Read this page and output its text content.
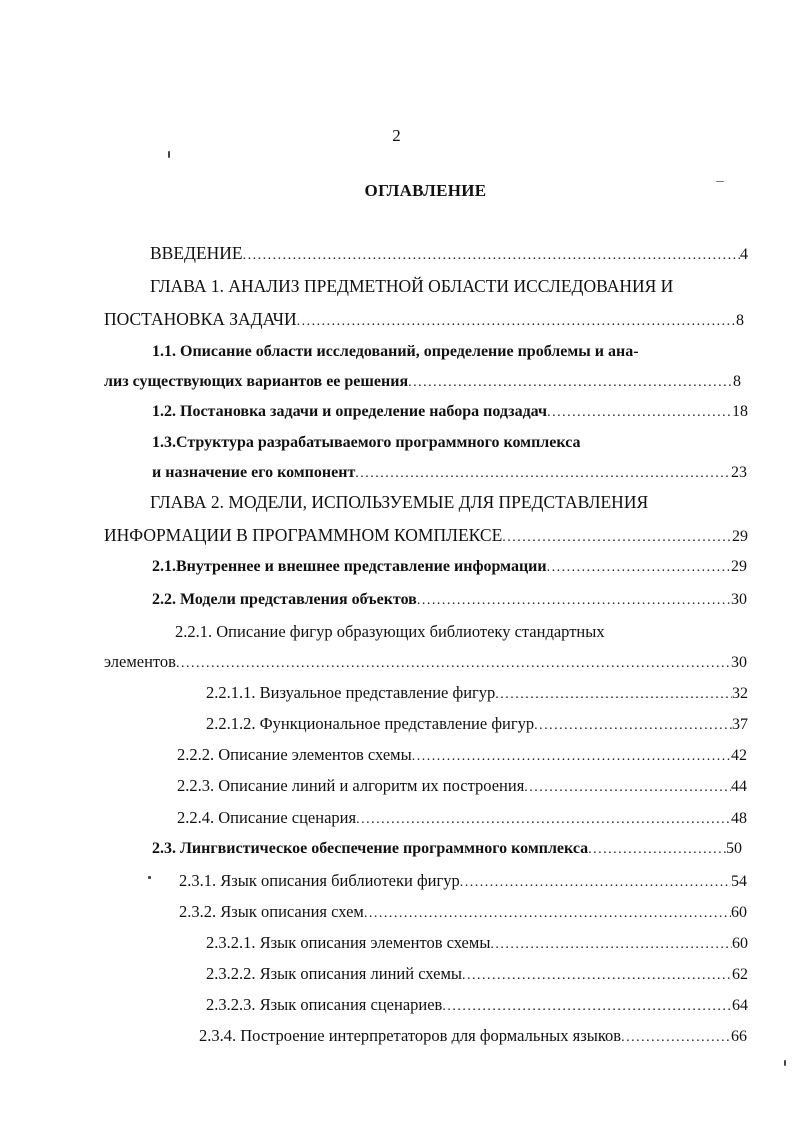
2
ОГЛАВЛЕНИЕ
ВВЕДЕНИЕ .....	4
ГЛАВА 1. АНАЛИЗ ПРЕДМЕТНОЙ ОБЛАСТИ ИССЛЕДОВАНИЯ И
ПОСТАНОВКА ЗАДАЧИ .....	8
1.1. Описание области исследований, определение проблемы и ана-
лиз существующих вариантов ее решения .....	8
1.2. Постановка задачи и определение набора подзадач .....	18
1.3.Структура разрабатываемого программного комплекса
и назначение его компонент .....	23
ГЛАВА 2. МОДЕЛИ, ИСПОЛЬЗУЕМЫЕ ДЛЯ ПРЕДСТАВЛЕНИЯ
ИНФОРМАЦИИ В ПРОГРАММНОМ КОМПЛЕКСЕ .....	29
2.1.Внутреннее и внешнее представление информации .....	29
2.2. Модели представления объектов .....	30
2.2.1. Описание фигур образующих библиотеку стандартных
элементов .....	30
2.2.1.1. Визуальное представление фигур .....	32
2.2.1.2. Функциональное представление фигур .....	37
2.2.2. Описание элементов схемы .....	42
2.2.3. Описание линий и алгоритм их построения .....	44
2.2.4. Описание сценария .....	48
2.3. Лингвистическое обеспечение программного комплекса .....	50
2.3.1. Язык описания библиотеки фигур .....	54
2.3.2. Язык описания схем .....	60
2.3.2.1. Язык описания элементов схемы .....	60
2.3.2.2. Язык описания линий схемы .....	62
2.3.2.3. Язык описания сценариев .....	64
2.3.4. Построение интерпретаторов для формальных языков .....	66
